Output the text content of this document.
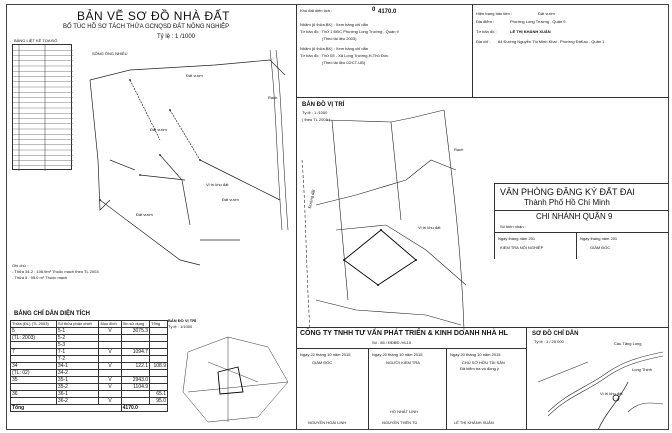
BẢN VẼ SƠ ĐỒ NHÀ ĐẤT
BỔ TÚC HỒ SƠ TÁCH THỬA GCNQSD ĐẤT NÔNG NGHIỆP
Tỷ lệ : 1 /1000
BẢNG LIỆT KÊ TỌA ĐỘ
SÔNG ÔNG NHIÊU
Đất vườn
Đất vườn
Đất vườn
Đất vườn
Rạch
Vị trí khu đất
Ghi chú :
- Thửa 34-2 : 106.9m² Thuộc mạch theo TL 2003
- Thửa 5 : 95.0 m² Thuộc mạch
BẢNG CHỈ DẪN DIỆN TÍCH
Thửa (ĐL) (TL 2003)	Số thửa phân chiết	Mục đích	Xin sử dụng	Tổng
5	5-1	V	3075.3	
(TL: 2003)	5-2			
	5-3			
7	7-1	V	1094.7	
	7-2			
34	34-1	V	122.1	108.9
(TL: 02)	34-2			
35	35-1	V	2943.0	
	35-2	V	1104.9	
36	36-1			65.1
	36-2	V		95.0
Tổng			4170.0	
BẢN ĐỒ VỊ TRÍ
Tỷ lệ : 1/1000
Khu đất diện tích :	0 4170.0
Nhãm (6 thửa,BK) : Xem bảng chỉ dẫn
Tờ bản đồ : Thử 1 ĐĐC Phường Long Trường , Quận 9
(Theo tài liệu 2003)
Nhãm (6 thửa,BK) : Xem bảng chỉ dẫn
Tờ bản đồ : Thử 05 - Xã Long Trường,H-Thủ Đức
(Theo tài liệu 02/CT-UB)
BẢN ĐỒ VỊ TRÍ
Tỷ lệ : 1 /1000
( theo TL 2003 )
Rạch
Vị trí khu đất
Đường đất
Hiện trạng bản tiền :	Đất vườn
Địa điểm :	Phường Long Trường , Quận 9
Tờ bản đồ :	LÊ THỊ KHÁNH XUÂN
Địa chỉ : 64 Đường Nguyễn Thị Minh Khai , Phường ĐaKao , Quận 1
VĂN PHÒNG ĐĂNG KÝ ĐẤT ĐAI
Thành Phố Hồ Chí Minh
CHI NHÁNH QUẬN 9
Số biên nhận :
Ngày tháng năm 201	Ngày tháng năm 201
KIỂM TRA NỘI NGHIỆP	GIÁM ĐỐC
CÔNG TY TNHH TƯ VẤN PHÁT TRIỂN & KINH DOANH NHÀ HL
Số : 85 / ĐĐBĐ /HL15
Ngày 22 tháng 10 năm 2015	Ngày 20 tháng 10 năm 2015	Ngày 20 tháng 10 năm 2015
GIÁM ĐỐC	NGƯỜI KIỂM TRA	CHỦ SỞ HỮU TÀI SẢN
Đã kiểm tra và đồng ý
HỒ NHẤT LINH
NGUYỄN HOÀI LINH	NGUYỄN THÊN TÚ	LÊ THỊ KHÁNH XUÂN
SƠ ĐỒ CHỈ DẪN
Tỷ lệ : 1 / 25 000	Cầu Tăng Long
Long Thịnh
Vị trí khu đất
